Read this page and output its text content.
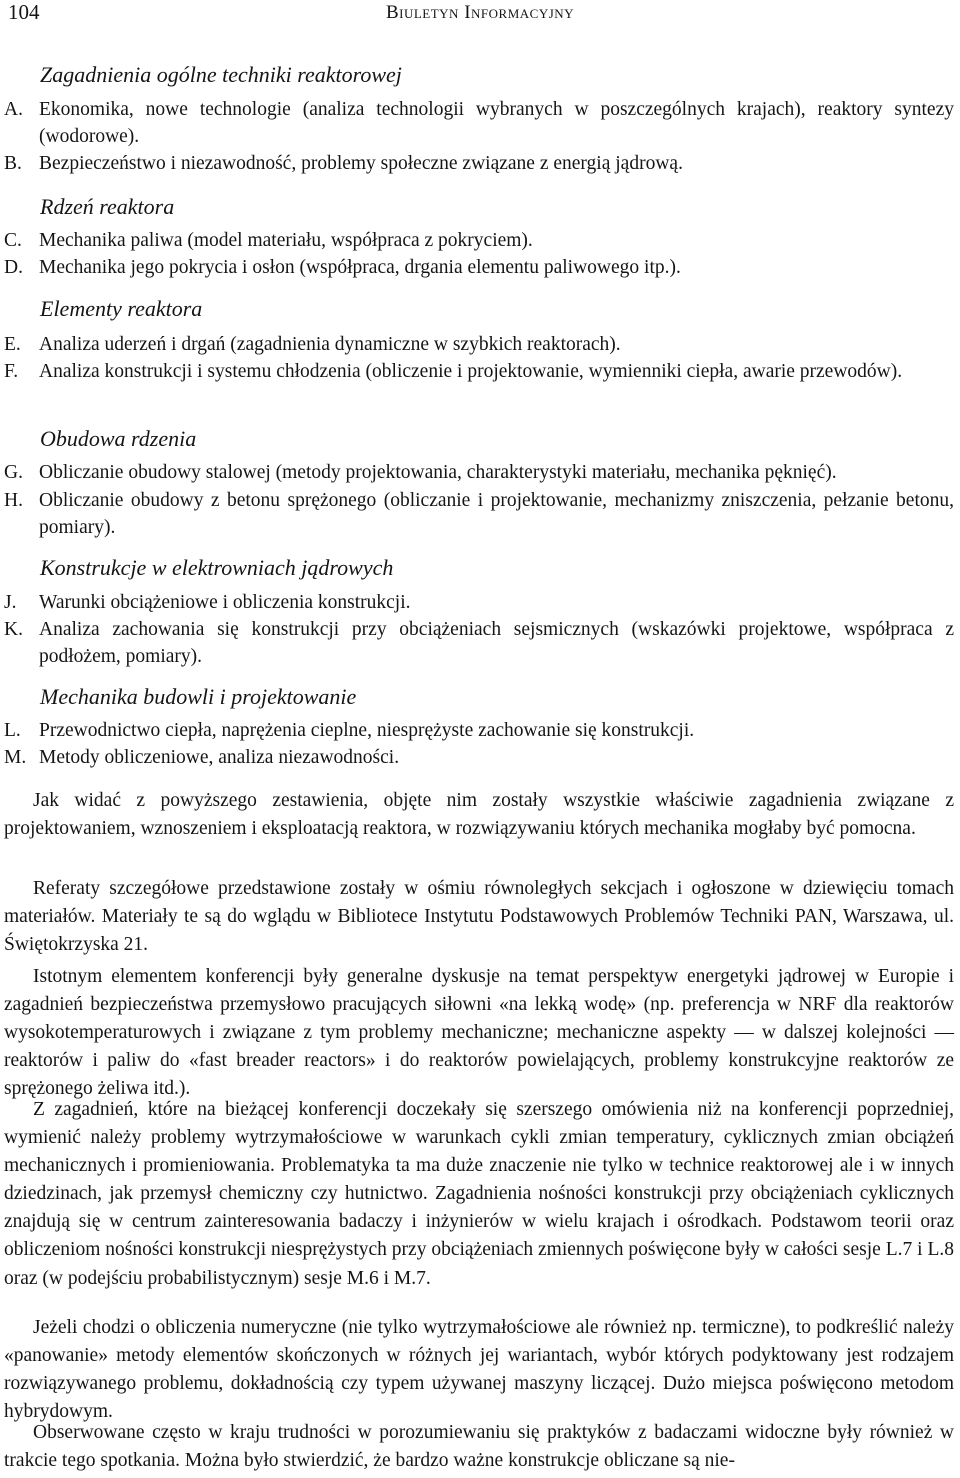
104	Biuletyn Informacyjny
Zagadnienia ogólne techniki reaktorowej
A. Ekonomika, nowe technologie (analiza technologii wybranych w poszczególnych krajach), reaktory syntezy (wodorowe).
B. Bezpieczeństwo i niezawodność, problemy społeczne związane z energią jądrową.
Rdzeń reaktora
C. Mechanika paliwa (model materiału, współpraca z pokryciem).
D. Mechanika jego pokrycia i osłon (współpraca, drgania elementu paliwowego itp.).
Elementy reaktora
E. Analiza uderzeń i drgań (zagadnienia dynamiczne w szybkich reaktorach).
F. Analiza konstrukcji i systemu chłodzenia (obliczenie i projektowanie, wymienniki ciepła, awarie przewodów).
Obudowa rdzenia
G. Obliczanie obudowy stalowej (metody projektowania, charakterystyki materiału, mechanika pęknięć).
H. Obliczanie obudowy z betonu sprężonego (obliczanie i projektowanie, mechanizmy zniszczenia, pełzanie betonu, pomiary).
Konstrukcje w elektrowniach jądrowych
J. Warunki obciążeniowe i obliczenia konstrukcji.
K. Analiza zachowania się konstrukcji przy obciążeniach sejsmicznych (wskazówki projektowe, współpraca z podłożem, pomiary).
Mechanika budowli i projektowanie
L. Przewodnictwo ciepła, naprężenia cieplne, niesprężyste zachowanie się konstrukcji.
M. Metody obliczeniowe, analiza niezawodności.

Jak widać z powyższego zestawienia, objęte nim zostały wszystkie właściwie zagadnienia związane z projektowaniem, wznoszeniem i eksploatacją reaktora, w rozwiązywaniu których mechanika mogłaby być pomocna.

Referaty szczegółowe przedstawione zostały w ośmiu równoległych sekcjach i ogłoszone w dziewięciu tomach materiałów. Materiały te są do wglądu w Bibliotece Instytutu Podstawowych Problemów Techniki PAN, Warszawa, ul. Świętokrzyska 21.

Istotnym elementem konferencji były generalne dyskusje na temat perspektyw energetyki jądrowej w Europie i zagadnień bezpieczeństwa przemysłowo pracujących siłowni «na lekką wodę» (np. preferencja w NRF dla reaktorów wysokotemperaturowych i związane z tym problemy mechaniczne; mechaniczne aspekty — w dalszej kolejności — reaktorów i paliw do «fast breader reactors» i do reaktorów powielających, problemy konstrukcyjne reaktorów ze sprężonego żeliwa itd.).

Z zagadnień, które na bieżącej konferencji doczekały się szerszego omówienia niż na konferencji poprzedniej, wymienić należy problemy wytrzymałościowe w warunkach cykli zmian temperatury, cyklicznych zmian obciążeń mechanicznych i promieniowania. Problematyka ta ma duże znaczenie nie tylko w technice reaktorowej ale i w innych dziedzinach, jak przemysł chemiczny czy hutnictwo. Zagadnienia nośności konstrukcji przy obciążeniach cyklicznych znajdują się w centrum zainteresowania badaczy i inżynierów w wielu krajach i ośrodkach. Podstawom teorii oraz obliczeniom nośności konstrukcji niesprężystych przy obciążeniach zmiennych poświęcone były w całości sesje L.7 i L.8 oraz (w podejściu probabilistycznym) sesje M.6 i M.7.

Jeżeli chodzi o obliczenia numeryczne (nie tylko wytrzymałościowe ale również np. termiczne), to podkreślić należy «panowanie» metody elementów skończonych w różnych jej wariantach, wybór których podyktowany jest rodzajem rozwiązywanego problemu, dokładnością czy typem używanej maszyny liczącej. Dużo miejsca poświęcono metodom hybrydowym.

Obserwowane często w kraju trudności w porozumiewaniu się praktyków z badaczami widoczne były również w trakcie tego spotkania. Można było stwierdzić, że bardzo ważne konstrukcje obliczane są nie-
